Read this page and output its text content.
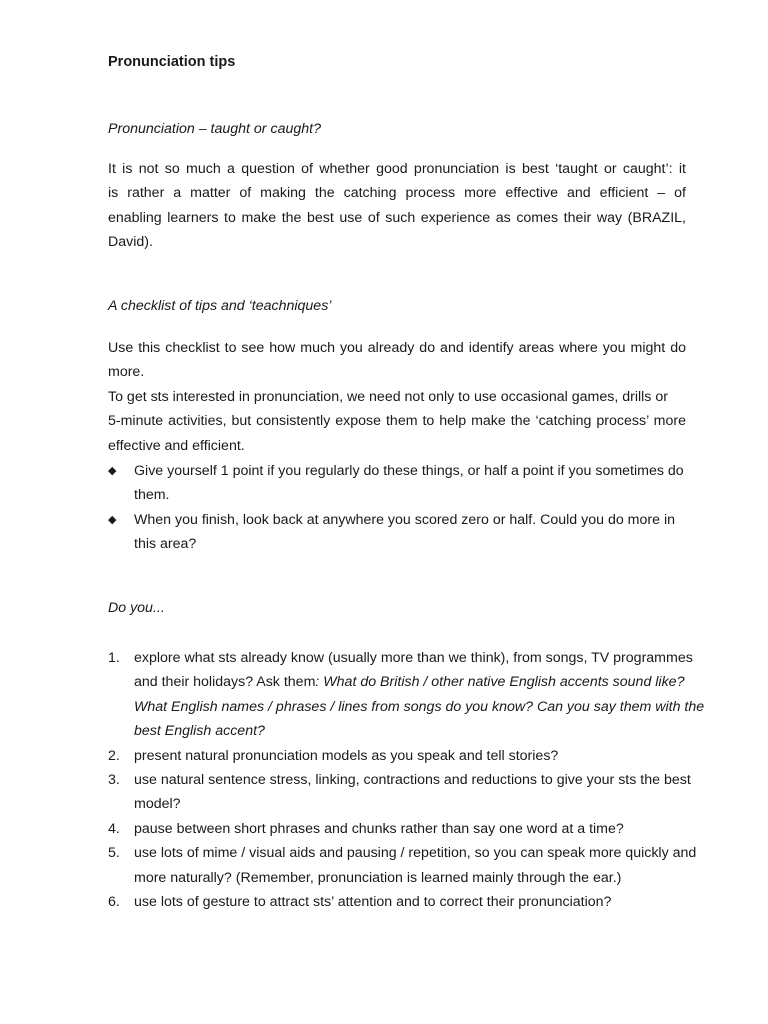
Pronunciation tips
Pronunciation – taught or caught?
It is not so much a question of whether good pronunciation is best ‘taught or caught’: it
is rather a matter of making the catching process more effective and efficient – of
enabling learners to make the best use of such experience as comes their way (BRAZIL,
David).
A checklist of tips and ‘teachniques’
Use this checklist to see how much you already do and identify areas where you might do
more.
To get sts interested in pronunciation, we need not only to use occasional games, drills or
5-minute activities, but consistently expose them to help make the ‘catching process’ more
effective and efficient.
◆ Give yourself 1 point if you regularly do these things, or half a point if you sometimes do
them.
◆ When you finish, look back at anywhere you scored zero or half. Could you do more in
this area?
Do you...
1. explore what sts already know (usually more than we think), from songs, TV programmes
and their holidays? Ask them: What do British / other native English accents sound like?
What English names / phrases / lines from songs do you know? Can you say them with the
best English accent?
2. present natural pronunciation models as you speak and tell stories?
3. use natural sentence stress, linking, contractions and reductions to give your sts the best
model?
4. pause between short phrases and chunks rather than say one word at a time?
5. use lots of mime / visual aids and pausing / repetition, so you can speak more quickly and
more naturally? (Remember, pronunciation is learned mainly through the ear.)
6. use lots of gesture to attract sts’ attention and to correct their pronunciation?
